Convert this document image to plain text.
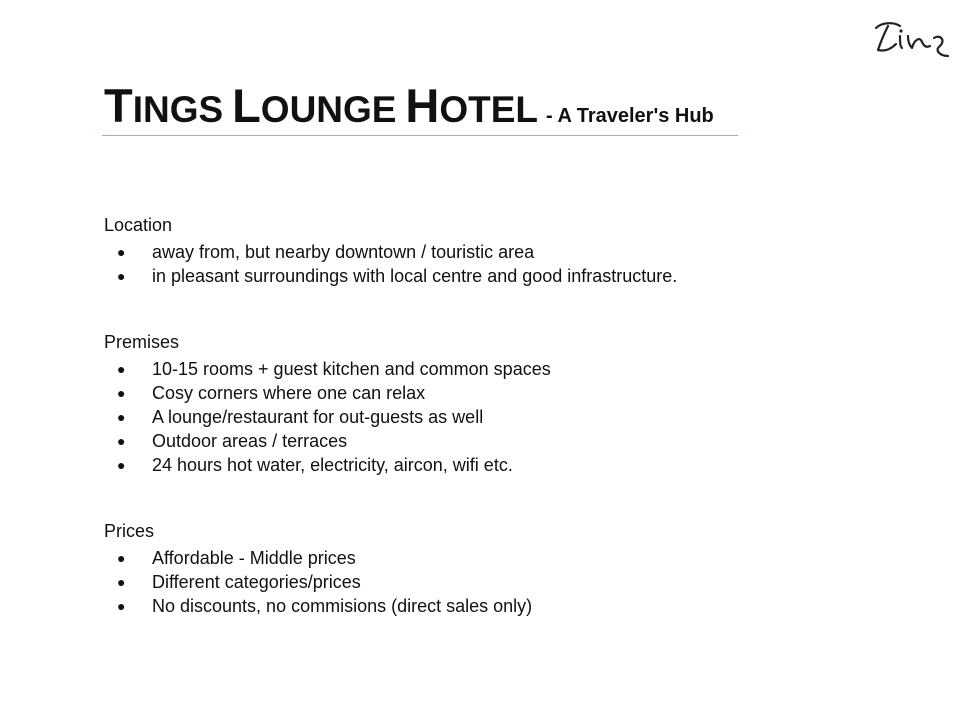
TINGS LOUNGE HOTEL - A Traveler's Hub
Location
● away from, but nearby downtown / touristic area
● in pleasant surroundings with local centre and good infrastructure.
Premises
● 10-15 rooms + guest kitchen and common spaces
● Cosy corners where one can relax
● A lounge/restaurant for out-guests as well
● Outdoor areas / terraces
● 24 hours hot water, electricity, aircon, wifi etc.
Prices
● Affordable - Middle prices
● Different categories/prices
● No discounts, no commisions (direct sales only)
